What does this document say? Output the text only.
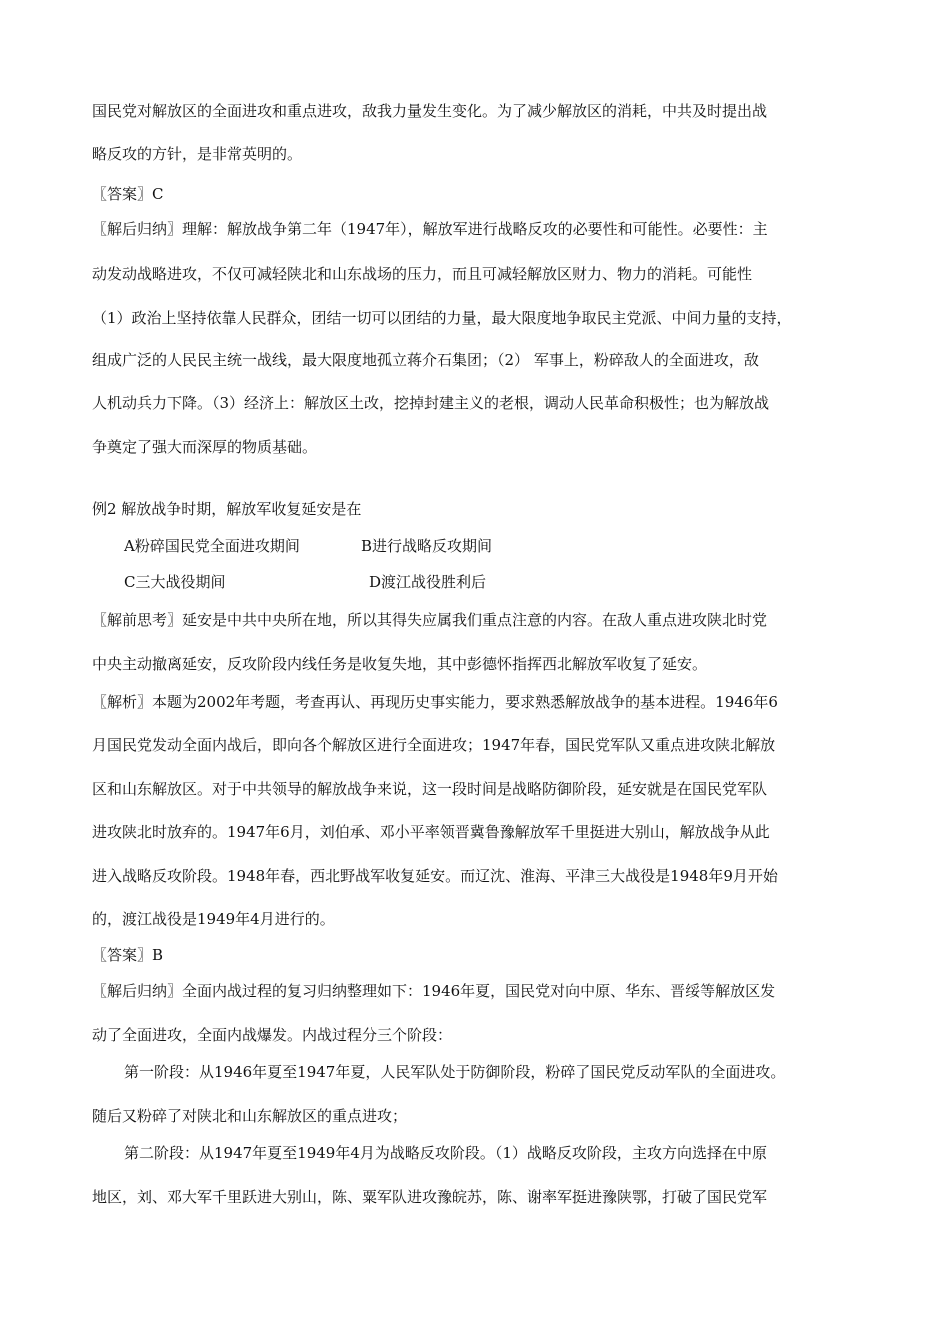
国民党对解放区的全面进攻和重点进攻，敌我力量发生变化。为了减少解放区的消耗，中共及时提出战
略反攻的方针，是非常英明的。
〖答案〗C
〖解后归纳〗理解：解放战争第二年（1947年），解放军进行战略反攻的必要性和可能性。必要性：主
动发动战略进攻，不仅可减轻陕北和山东战场的压力，而且可减轻解放区财力、物力的消耗。可能性
（1）政治上坚持依靠人民群众，团结一切可以团结的力量，最大限度地争取民主党派、中间力量的支持，
组成广泛的人民民主统一战线，最大限度地孤立蒋介石集团；（2） 军事上，粉碎敌人的全面进攻，敌
人机动兵力下降。（3）经济上：解放区土改，挖掉封建主义的老根，调动人民革命积极性；也为解放战
争奠定了强大而深厚的物质基础。
例2 解放战争时期，解放军收复延安是在
A粉碎国民党全面进攻期间	B进行战略反攻期间
C三大战役期间	D渡江战役胜利后
〖解前思考〗延安是中共中央所在地，所以其得失应属我们重点注意的内容。在敌人重点进攻陕北时党
中央主动撤离延安，反攻阶段内线任务是收复失地，其中彭德怀指挥西北解放军收复了延安。
〖解析〗本题为2002年考题，考查再认、再现历史事实能力，要求熟悉解放战争的基本进程。1946年6
月国民党发动全面内战后，即向各个解放区进行全面进攻；1947年春，国民党军队又重点进攻陕北解放
区和山东解放区。对于中共领导的解放战争来说，这一段时间是战略防御阶段，延安就是在国民党军队
进攻陕北时放弃的。1947年6月，刘伯承、邓小平率领晋冀鲁豫解放军千里挺进大别山，解放战争从此
进入战略反攻阶段。1948年春，西北野战军收复延安。而辽沈、淮海、平津三大战役是1948年9月开始
的，渡江战役是1949年4月进行的。
〖答案〗B
〖解后归纳〗全面内战过程的复习归纳整理如下：1946年夏，国民党对向中原、华东、晋绥等解放区发
动了全面进攻，全面内战爆发。内战过程分三个阶段：
第一阶段：从1946年夏至1947年夏，人民军队处于防御阶段，粉碎了国民党反动军队的全面进攻。
随后又粉碎了对陕北和山东解放区的重点进攻；
第二阶段：从1947年夏至1949年4月为战略反攻阶段。（1）战略反攻阶段，主攻方向选择在中原
地区，刘、邓大军千里跃进大别山，陈、粟军队进攻豫皖苏，陈、谢率军挺进豫陕鄂，打破了国民党军
